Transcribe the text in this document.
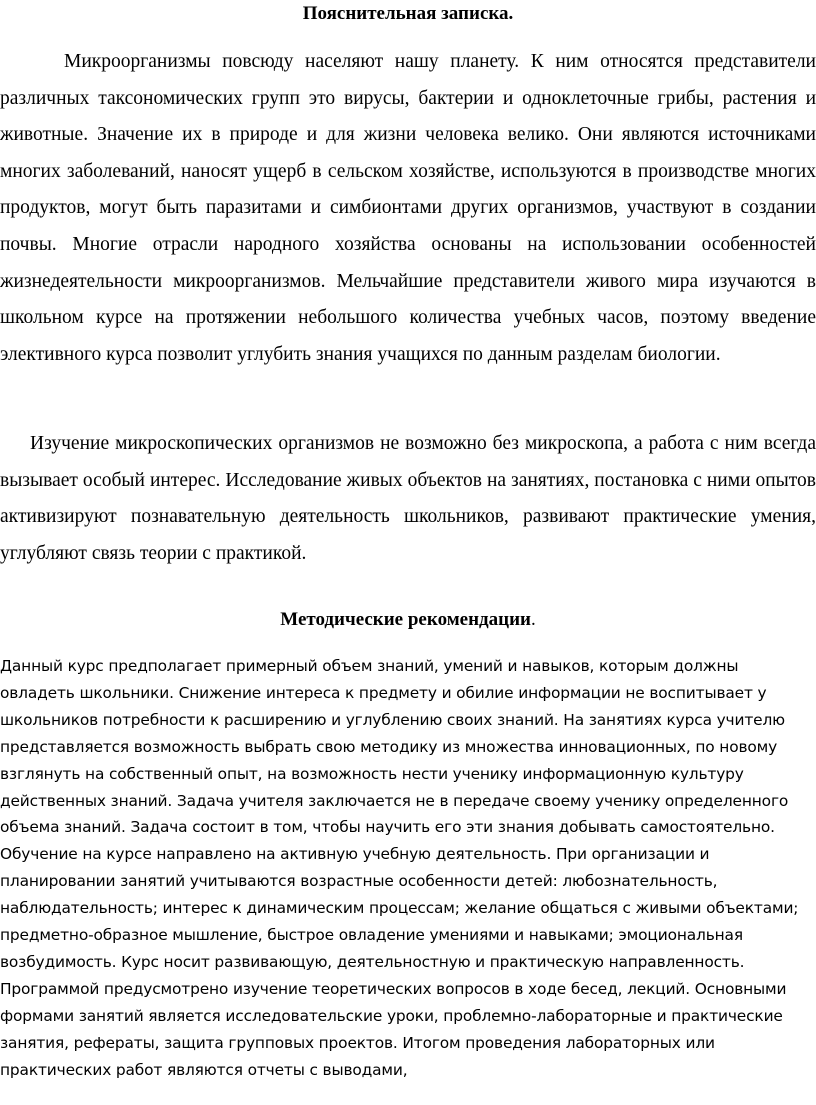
Пояснительная записка.

Микроорганизмы повсюду населяют нашу планету. К ним относятся представители различных таксономических групп это вирусы, бактерии и одноклеточные грибы, растения и животные. Значение их в природе и для жизни человека велико. Они являются источниками многих заболеваний, наносят ущерб в сельском хозяйстве, используются в производстве многих продуктов, могут быть паразитами и симбионтами других организмов, участвуют в создании почвы. Многие отрасли народного хозяйства основаны на использовании особенностей жизнедеятельности микроорганизмов. Мельчайшие представители живого мира изучаются в школьном курсе на протяжении небольшого количества учебных часов, поэтому введение элективного курса позволит углубить знания учащихся по данным разделам биологии.

Изучение микроскопических организмов не возможно без микроскопа, а работа с ним всегда вызывает особый интерес. Исследование живых объектов на занятиях, постановка с ними опытов активизируют познавательную деятельность школьников, развивают практические умения, углубляют связь теории с практикой.

Методические рекомендации.
Данный курс предполагает примерный объем знаний, умений и навыков, которым должны
овладеть школьники. Снижение интереса к предмету и обилие информации не воспитывает у
школьников потребности к расширению и углублению своих знаний. На занятиях курса учителю
представляется возможность выбрать свою методику из множества инновационных, по новому
взглянуть на собственный опыт, на возможность нести ученику информационную культуру
действенных знаний. Задача учителя заключается не в передаче своему ученику определенного
объема знаний. Задача состоит в том, чтобы научить его эти знания добывать самостоятельно.
Обучение на курсе направлено на активную учебную деятельность. При организации и
планировании занятий учитываются возрастные особенности детей: любознательность,
наблюдательность; интерес к динамическим процессам; желание общаться с живыми объектами;
предметно-образное мышление, быстрое овладение умениями и навыками; эмоциональная
возбудимость. Курс носит развивающую, деятельностную и практическую направленность.
Программой предусмотрено изучение теоретических вопросов в ходе бесед, лекций. Основными
формами занятий является исследовательские уроки, проблемно-лабораторные и практические
занятия, рефераты, защита групповых проектов. Итогом проведения лабораторных или
практических работ являются отчеты с выводами,
